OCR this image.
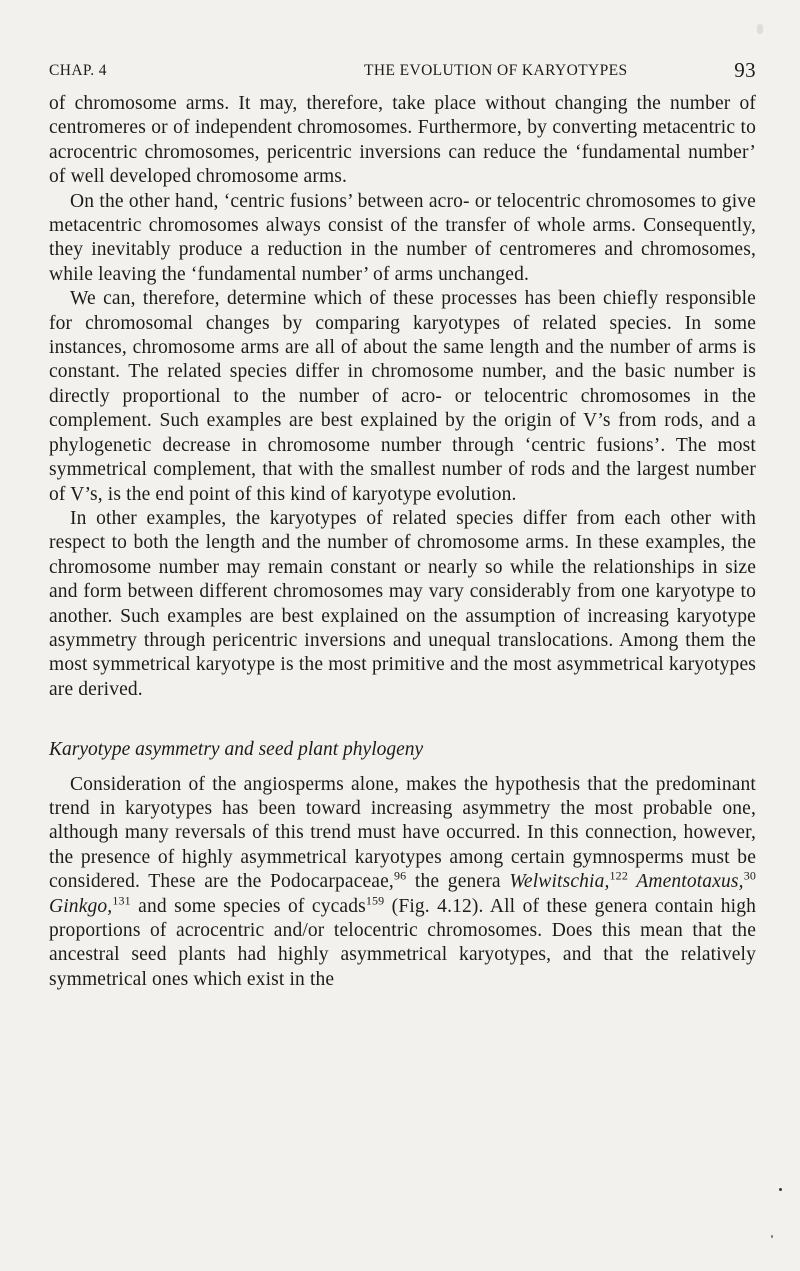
CHAP. 4	THE EVOLUTION OF KARYOTYPES	93

of chromosome arms. It may, therefore, take place without changing the number of centromeres or of independent chromosomes. Furthermore, by converting metacentric to acrocentric chromosomes, pericentric inversions can reduce the ‘fundamental number’ of well developed chromosome arms.

On the other hand, ‘centric fusions’ between acro- or telocentric chromosomes to give metacentric chromosomes always consist of the transfer of whole arms. Consequently, they inevitably produce a reduction in the number of centromeres and chromosomes, while leaving the ‘fundamental number’ of arms unchanged.

We can, therefore, determine which of these processes has been chiefly responsible for chromosomal changes by comparing karyotypes of related species. In some instances, chromosome arms are all of about the same length and the number of arms is constant. The related species differ in chromosome number, and the basic number is directly proportional to the number of acro- or telocentric chromosomes in the complement. Such examples are best explained by the origin of V’s from rods, and a phylogenetic decrease in chromosome number through ‘centric fusions’. The most symmetrical complement, that with the smallest number of rods and the largest number of V’s, is the end point of this kind of karyotype evolution.

In other examples, the karyotypes of related species differ from each other with respect to both the length and the number of chromosome arms. In these examples, the chromosome number may remain constant or nearly so while the relationships in size and form between different chromosomes may vary considerably from one karyotype to another. Such examples are best explained on the assumption of increasing karyotype asymmetry through pericentric inversions and unequal translocations. Among them the most symmetrical karyotype is the most primitive and the most asymmetrical karyotypes are derived.

Karyotype asymmetry and seed plant phylogeny

Consideration of the angiosperms alone, makes the hypothesis that the predominant trend in karyotypes has been toward increasing asymmetry the most probable one, although many reversals of this trend must have occurred. In this connection, however, the presence of highly asymmetrical karyotypes among certain gymnosperms must be considered. These are the Podocarpaceae,$^{96}$ the genera Welwitschia,$^{122}$ Amentotaxus,$^{30}$ Ginkgo,$^{131}$ and some species of cycads$^{159}$ (Fig. 4.12). All of these genera contain high proportions of acrocentric and/or telocentric chromosomes. Does this mean that the ancestral seed plants had highly asymmetrical karyotypes, and that the relatively symmetrical ones which exist in the
